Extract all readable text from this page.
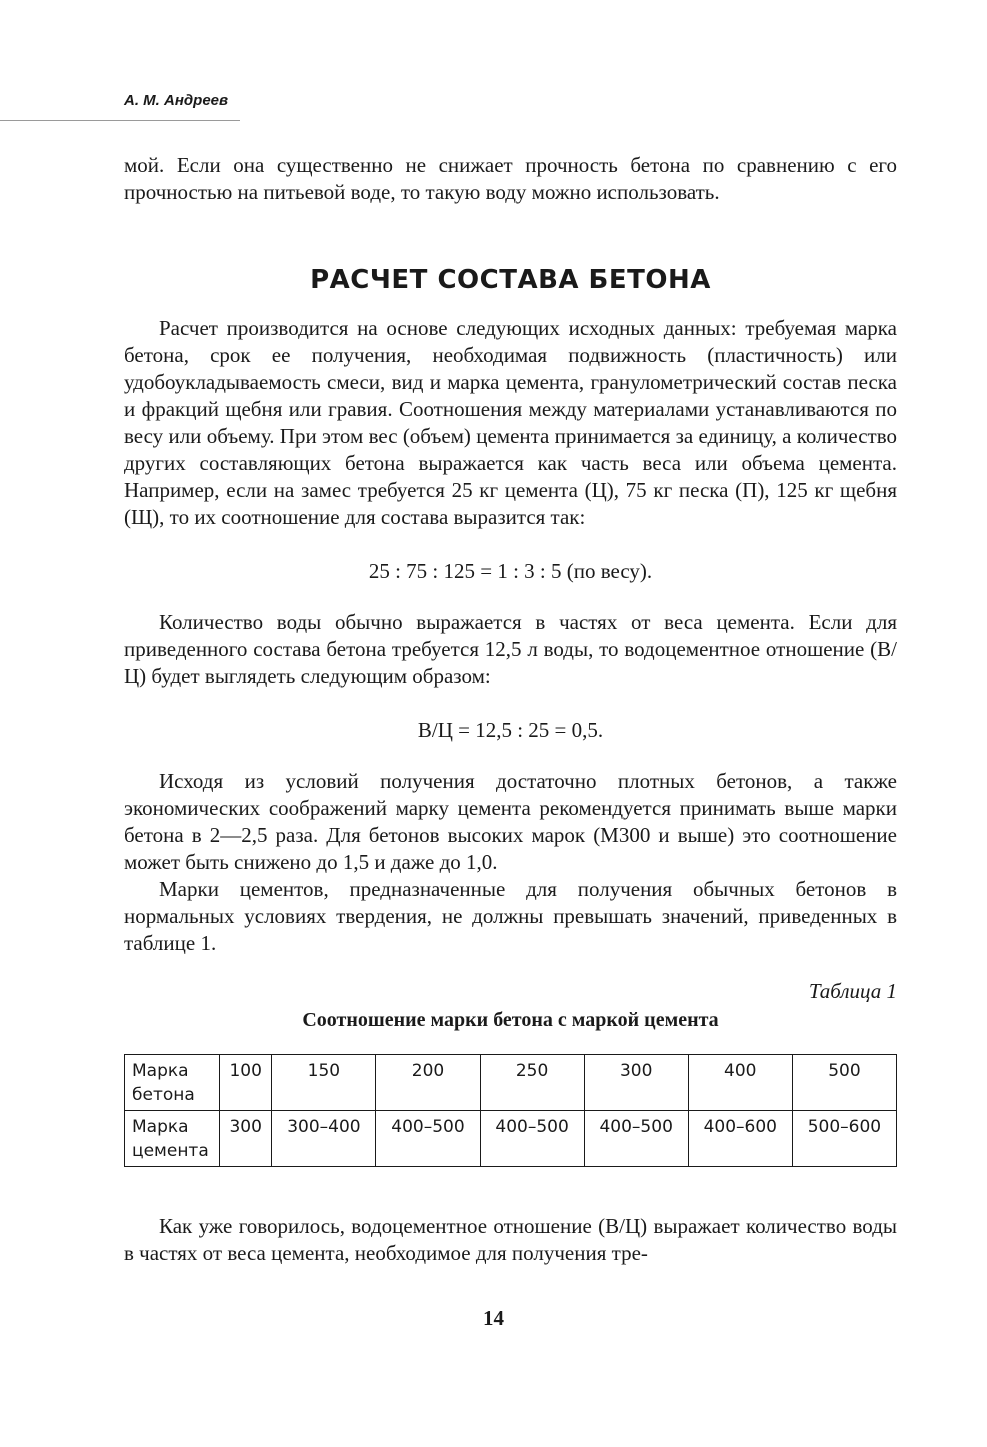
А. М. Андреев

мой. Если она существенно не снижает прочность бетона по сравнению с его прочностью на питьевой воде, то такую воду можно использовать.

РАСЧЕТ СОСТАВА БЕТОНА

Расчет производится на основе следующих исходных данных: требуемая марка бетона, срок ее получения, необходимая подвижность (пластичность) или удобоукладываемость смеси, вид и марка цемента, гранулометрический состав песка и фракций щебня или гравия. Соотношения между материалами устанавливаются по весу или объему. При этом вес (объем) цемента принимается за единицу, а количество других составляющих бетона выражается как часть веса или объема цемента. Например, если на замес требуется 25 кг цемента (Ц), 75 кг песка (П), 125 кг щебня (Щ), то их соотношение для состава выразится так:

25 : 75 : 125 = 1 : 3 : 5 (по весу).

Количество воды обычно выражается в частях от веса цемента. Если для приведенного состава бетона требуется 12,5 л воды, то водоцементное отношение (В/Ц) будет выглядеть следующим образом:

В/Ц = 12,5 : 25 = 0,5.

Исходя из условий получения достаточно плотных бетонов, а также экономических соображений марку цемента рекомендуется принимать выше марки бетона в 2—2,5 раза. Для бетонов высоких марок (М300 и выше) это соотношение может быть снижено до 1,5 и даже до 1,0.

Марки цементов, предназначенные для получения обычных бетонов в нормальных условиях твердения, не должны превышать значений, приведенных в таблице 1.

Таблица 1
Соотношение марки бетона с маркой цемента
Марка бетона	100	150	200	250	300	400	500
Марка цемента	300	300–400	400–500	400–500	400–500	400–600	500–600

Как уже говорилось, водоцементное отношение (В/Ц) выражает количество воды в частях от веса цемента, необходимое для получения тре-

14
